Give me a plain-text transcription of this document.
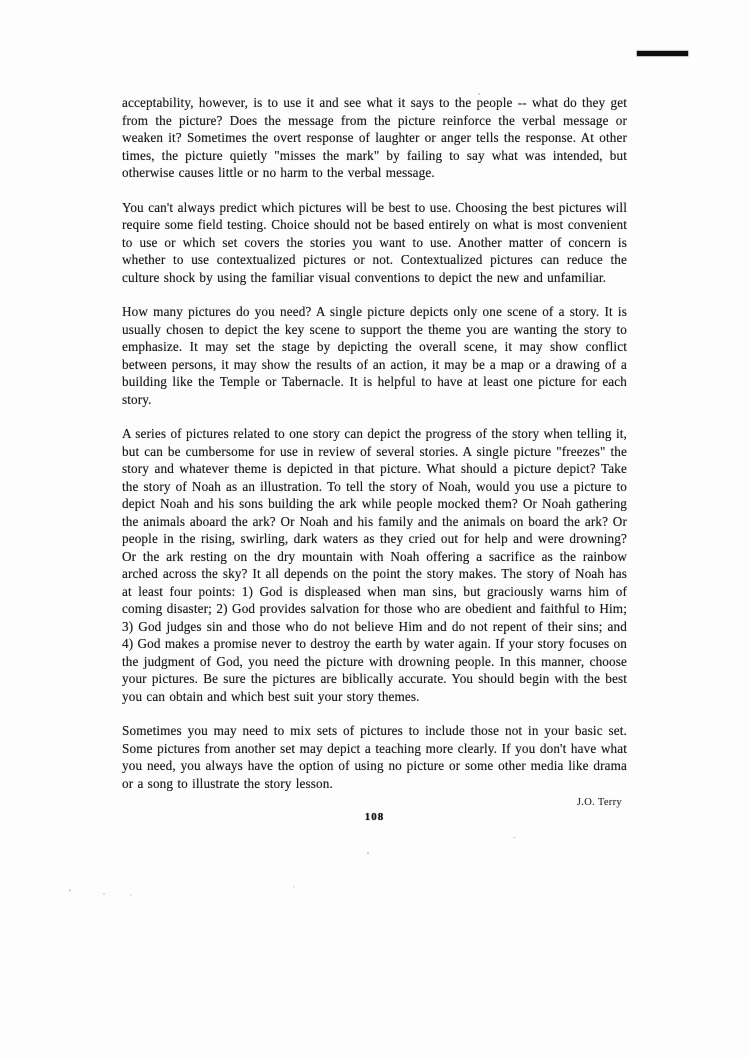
acceptability, however, is to use it and see what it says to the people -- what do they get from the picture? Does the message from the picture reinforce the verbal message or weaken it? Sometimes the overt response of laughter or anger tells the response. At other times, the picture quietly "misses the mark" by failing to say what was intended, but otherwise causes little or no harm to the verbal message.

You can't always predict which pictures will be best to use. Choosing the best pictures will require some field testing. Choice should not be based entirely on what is most convenient to use or which set covers the stories you want to use. Another matter of concern is whether to use contextualized pictures or not. Contextualized pictures can reduce the culture shock by using the familiar visual conventions to depict the new and unfamiliar.

How many pictures do you need? A single picture depicts only one scene of a story. It is usually chosen to depict the key scene to support the theme you are wanting the story to emphasize. It may set the stage by depicting the overall scene, it may show conflict between persons, it may show the results of an action, it may be a map or a drawing of a building like the Temple or Tabernacle. It is helpful to have at least one picture for each story.

A series of pictures related to one story can depict the progress of the story when telling it, but can be cumbersome for use in review of several stories. A single picture "freezes" the story and whatever theme is depicted in that picture. What should a picture depict? Take the story of Noah as an illustration. To tell the story of Noah, would you use a picture to depict Noah and his sons building the ark while people mocked them? Or Noah gathering the animals aboard the ark? Or Noah and his family and the animals on board the ark? Or people in the rising, swirling, dark waters as they cried out for help and were drowning? Or the ark resting on the dry mountain with Noah offering a sacrifice as the rainbow arched across the sky? It all depends on the point the story makes. The story of Noah has at least four points: 1) God is displeased when man sins, but graciously warns him of coming disaster; 2) God provides salvation for those who are obedient and faithful to Him; 3) God judges sin and those who do not believe Him and do not repent of their sins; and 4) God makes a promise never to destroy the earth by water again. If your story focuses on the judgment of God, you need the picture with drowning people. In this manner, choose your pictures. Be sure the pictures are biblically accurate. You should begin with the best you can obtain and which best suit your story themes.

Sometimes you may need to mix sets of pictures to include those not in your basic set. Some pictures from another set may depict a teaching more clearly. If you don't have what you need, you always have the option of using no picture or some other media like drama or a song to illustrate the story lesson.

J.O. Terry
108
